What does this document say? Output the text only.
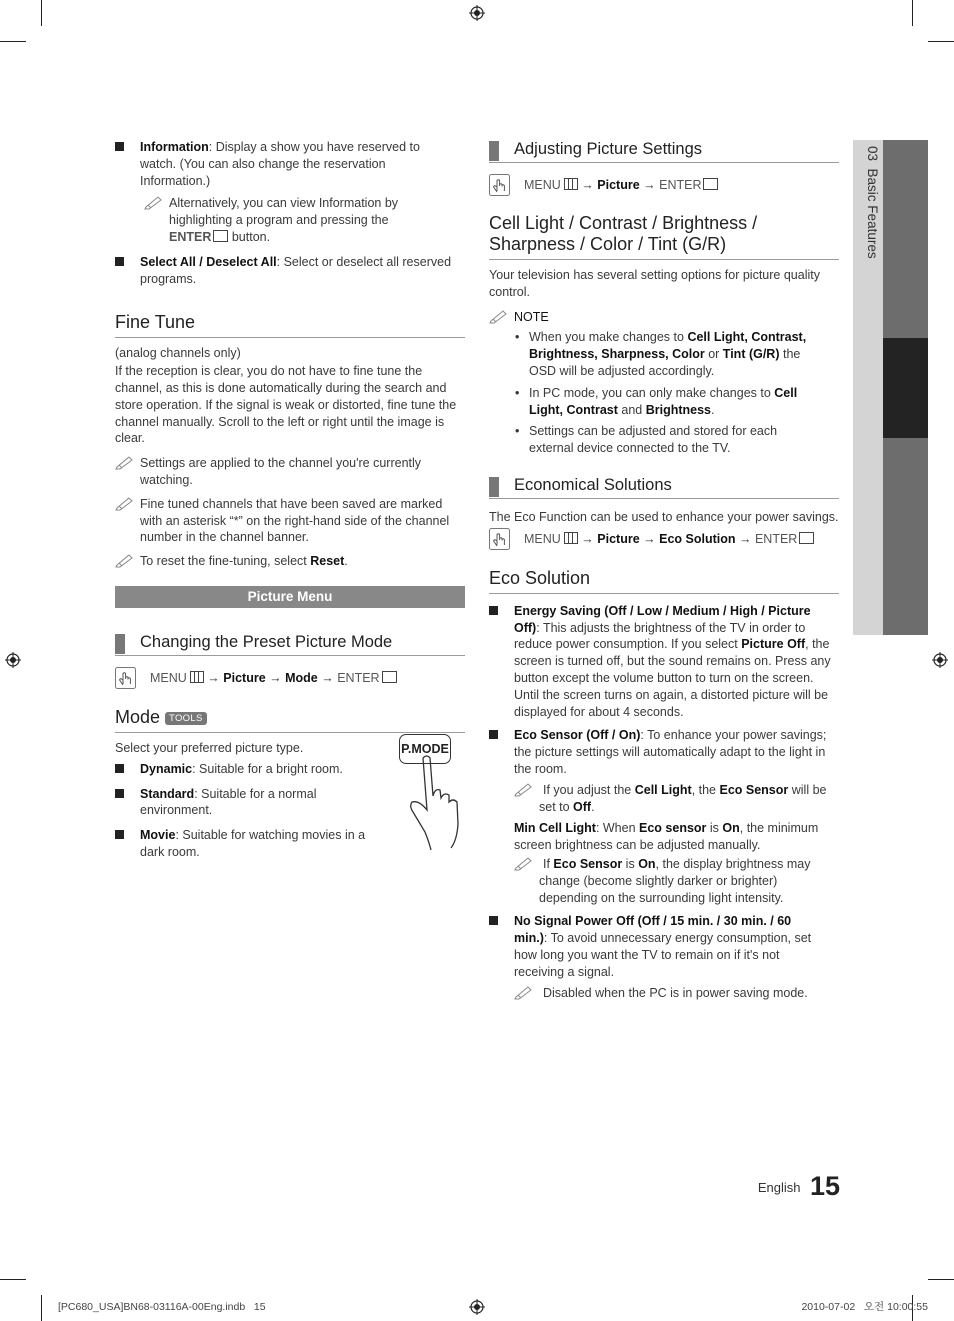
03  Basic Features
Information: Display a show you have reserved to watch. (You can also change the reservation Information.)
Alternatively, you can view Information by highlighting a program and pressing the ENTER button.
Select All / Deselect All: Select or deselect all reserved programs.
Fine Tune
(analog channels only)
If the reception is clear, you do not have to fine tune the channel, as this is done automatically during the search and store operation. If the signal is weak or distorted, fine tune the channel manually. Scroll to the left or right until the image is clear.
Settings are applied to the channel you're currently watching.
Fine tuned channels that have been saved are marked with an asterisk “*” on the right-hand side of the channel number in the channel banner.
To reset the fine-tuning, select Reset.
Picture Menu
Changing the Preset Picture Mode
MENU → Picture → Mode → ENTER
Mode TOOLS
Select your preferred picture type.
Dynamic: Suitable for a bright room.
Standard: Suitable for a normal environment.
Movie: Suitable for watching movies in a dark room.
P.MODE
Adjusting Picture Settings
MENU → Picture → ENTER
Cell Light / Contrast / Brightness /
Sharpness / Color / Tint (G/R)
Your television has several setting options for picture quality control.
NOTE
• When you make changes to Cell Light, Contrast, Brightness, Sharpness, Color or Tint (G/R) the OSD will be adjusted accordingly.
• In PC mode, you can only make changes to Cell Light, Contrast and Brightness.
• Settings can be adjusted and stored for each external device connected to the TV.
Economical Solutions
The Eco Function can be used to enhance your power savings.
MENU → Picture → Eco Solution → ENTER
Eco Solution
Energy Saving (Off / Low / Medium / High / Picture Off): This adjusts the brightness of the TV in order to reduce power consumption. If you select Picture Off, the screen is turned off, but the sound remains on. Press any button except the volume button to turn on the screen. Until the screen turns on again, a distorted picture will be displayed for about 4 seconds.
Eco Sensor (Off / On): To enhance your power savings; the picture settings will automatically adapt to the light in the room.
If you adjust the Cell Light, the Eco Sensor will be set to Off.
Min Cell Light: When Eco sensor is On, the minimum screen brightness can be adjusted manually.
If Eco Sensor is On, the display brightness may change (become slightly darker or brighter) depending on the surrounding light intensity.
No Signal Power Off (Off / 15 min. / 30 min. / 60 min.): To avoid unnecessary energy consumption, set how long you want the TV to remain on if it's not receiving a signal.
Disabled when the PC is in power saving mode.
English 15
[PC680_USA]BN68-03116A-00Eng.indb   15	2010-07-02   오전 10:00:55
